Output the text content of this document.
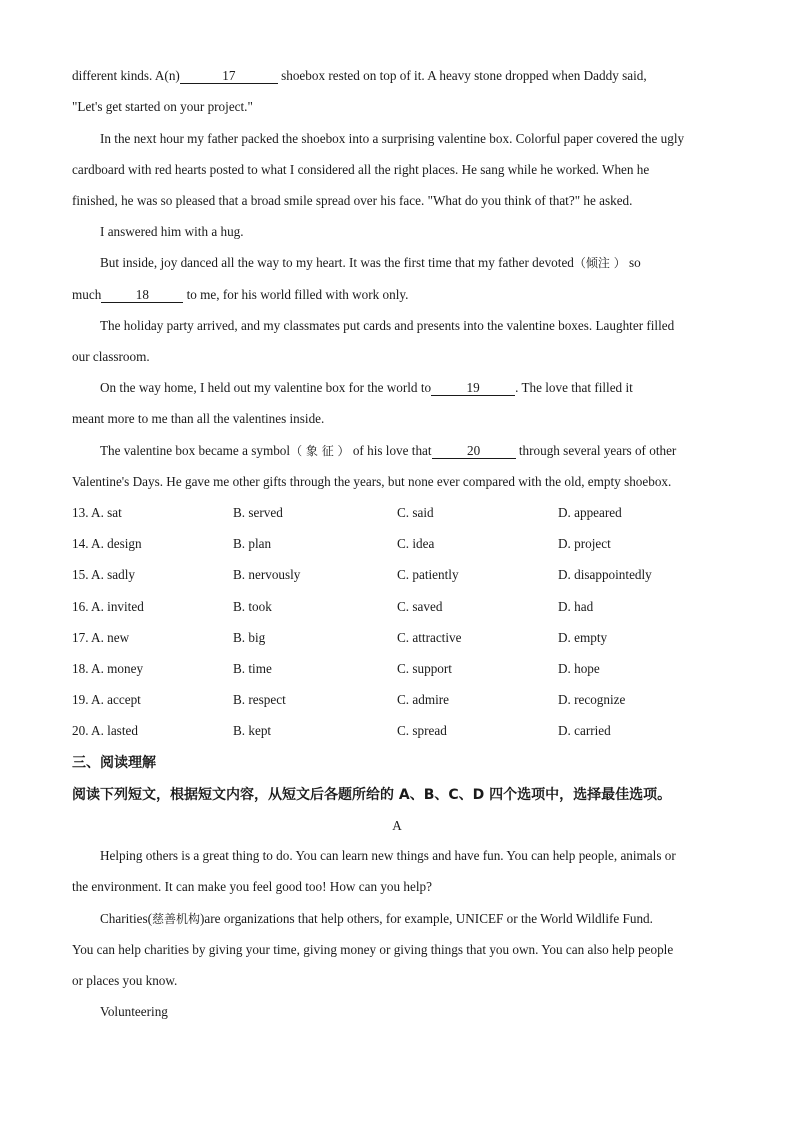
different kinds. A(n)	17	shoebox rested on top of it. A heavy stone dropped when Daddy said,
"Let's get started on your project."
In the next hour my father packed the shoebox into a surprising valentine box. Colorful paper covered the ugly
cardboard with red hearts posted to what I considered all the right places. He sang while he worked. When he
finished, he was so pleased that a broad smile spread over his face. "What do you think of that?" he asked.
I answered him with a hug.
But inside, joy danced all the way to my heart. It was the first time that my father devoted（倾注 ） so
much	18	to me, for his world filled with work only.
The holiday party arrived, and my classmates put cards and presents into the valentine boxes. Laughter filled
our classroom.
On the way home, I held out my valentine box for the world to	19	. The love that filled it
meant more to me than all the valentines inside.
The valentine box became a symbol（ 象 征 ） of his love that	20	through several years of other
Valentine's Days. He gave me other gifts through the years, but none ever compared with the old, empty shoebox.
13. A. sat	B. served	C. said	D. appeared
14. A. design	B. plan	C. idea	D. project
15. A. sadly	B. nervously	C. patiently	D. disappointedly
16. A. invited	B. took	C. saved	D. had
17. A. new	B. big	C. attractive	D. empty
18. A. money	B. time	C. support	D. hope
19. A. accept	B. respect	C. admire	D. recognize
20. A. lasted	B. kept	C. spread	D. carried
三、阅读理解
阅读下列短文，根据短文内容，从短文后各题所给的 A、B、C、D 四个选项中，选择最佳选项。
A
Helping others is a great thing to do. You can learn new things and have fun. You can help people, animals or
the environment. It can make you feel good too! How can you help?
Charities(慈善机构)are organizations that help others, for example, UNICEF or the World Wildlife Fund.
You can help charities by giving your time, giving money or giving things that you own. You can also help people
or places you know.
Volunteering
